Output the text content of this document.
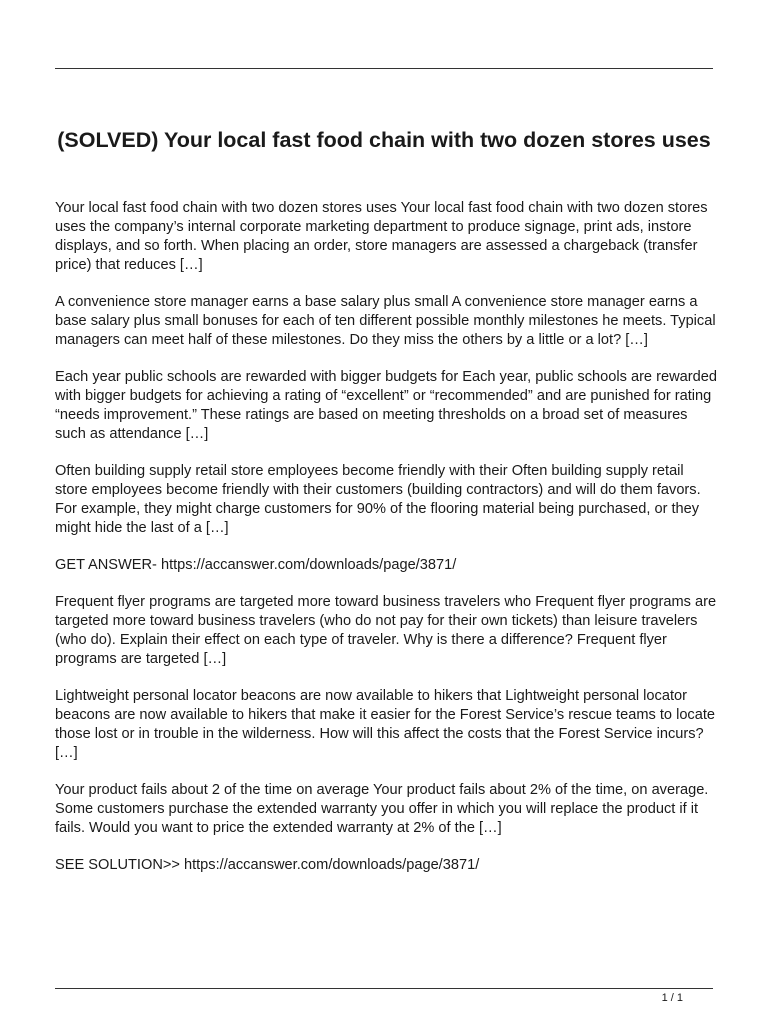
(SOLVED) Your local fast food chain with two dozen stores uses

Your local fast food chain with two dozen stores uses Your local fast food chain with two dozen stores uses the company’s internal corporate marketing department to produce signage, print ads, instore displays, and so forth. When placing an order, store managers are assessed a chargeback (transfer price) that reduces […]

A convenience store manager earns a base salary plus small A convenience store manager earns a base salary plus small bonuses for each of ten different possible monthly milestones he meets. Typical managers can meet half of these milestones. Do they miss the others by a little or a lot? […]

Each year public schools are rewarded with bigger budgets for Each year, public schools are rewarded with bigger budgets for achieving a rating of “excellent” or “recommended” and are punished for rating “needs improvement.” These ratings are based on meeting thresholds on a broad set of measures such as attendance […]

Often building supply retail store employees become friendly with their Often building supply retail store employees become friendly with their customers (building contractors) and will do them favors. For example, they might charge customers for 90% of the flooring material being purchased, or they might hide the last of a […]

GET ANSWER- https://accanswer.com/downloads/page/3871/

Frequent flyer programs are targeted more toward business travelers who Frequent flyer programs are targeted more toward business travelers (who do not pay for their own tickets) than leisure travelers (who do). Explain their effect on each type of traveler. Why is there a difference? Frequent flyer programs are targeted […]

Lightweight personal locator beacons are now available to hikers that Lightweight personal locator beacons are now available to hikers that make it easier for the Forest Service’s rescue teams to locate those lost or in trouble in the wilderness. How will this affect the costs that the Forest Service incurs? […]

Your product fails about 2 of the time on average Your product fails about 2% of the time, on average. Some customers purchase the extended warranty you offer in which you will replace the product if it fails. Would you want to price the extended warranty at 2% of the […]

SEE SOLUTION>> https://accanswer.com/downloads/page/3871/

1 / 1
